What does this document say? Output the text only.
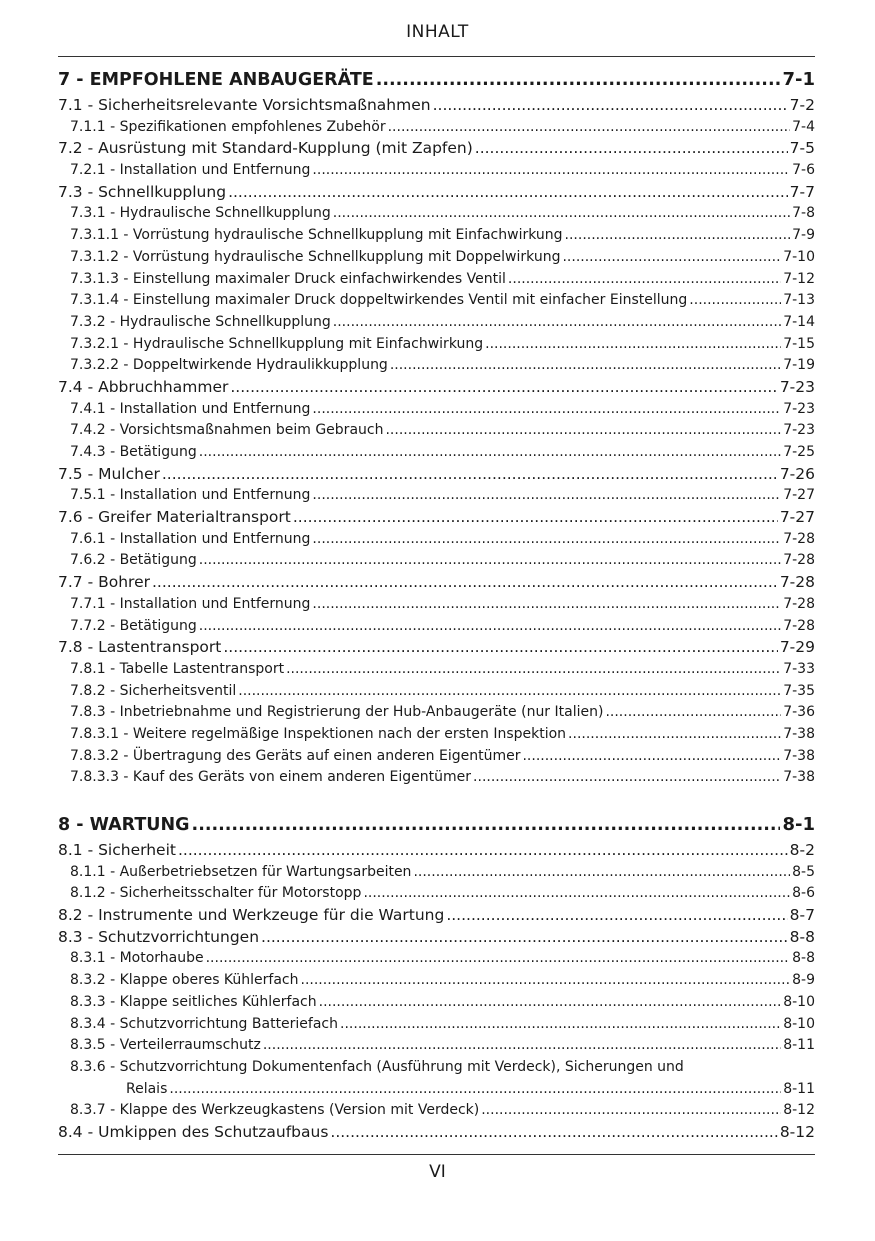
INHALT
7 - EMPFOHLENE ANBAUGERÄTE .....	7-1
7.1 - Sicherheitsrelevante Vorsichtsmaßnahmen .....	7-2
7.1.1 - Spezifikationen empfohlenes Zubehör .....	7-4
7.2 - Ausrüstung mit Standard-Kupplung (mit Zapfen) .....	7-5
7.2.1 - Installation und Entfernung .....	7-6
7.3 - Schnellkupplung .....	7-7
7.3.1 - Hydraulische Schnellkupplung .....	7-8
7.3.1.1 - Vorrüstung hydraulische Schnellkupplung mit Einfachwirkung .....	7-9
7.3.1.2 - Vorrüstung hydraulische Schnellkupplung mit Doppelwirkung .....	7-10
7.3.1.3 - Einstellung maximaler Druck einfachwirkendes Ventil .....	7-12
7.3.1.4 - Einstellung maximaler Druck doppeltwirkendes Ventil mit einfacher Einstellung .....	7-13
7.3.2 - Hydraulische Schnellkupplung .....	7-14
7.3.2.1 - Hydraulische Schnellkupplung mit Einfachwirkung .....	7-15
7.3.2.2 - Doppeltwirkende Hydraulikkupplung .....	7-19
7.4 - Abbruchhammer .....	7-23
7.4.1 - Installation und Entfernung .....	7-23
7.4.2 - Vorsichtsmaßnahmen beim Gebrauch .....	7-23
7.4.3 - Betätigung .....	7-25
7.5 - Mulcher .....	7-26
7.5.1 - Installation und Entfernung .....	7-27
7.6 - Greifer Materialtransport .....	7-27
7.6.1 - Installation und Entfernung .....	7-28
7.6.2 - Betätigung .....	7-28
7.7 - Bohrer .....	7-28
7.7.1 - Installation und Entfernung .....	7-28
7.7.2 - Betätigung .....	7-28
7.8 - Lastentransport .....	7-29
7.8.1 - Tabelle Lastentransport .....	7-33
7.8.2 - Sicherheitsventil .....	7-35
7.8.3 - Inbetriebnahme und Registrierung der Hub-Anbaugeräte (nur Italien) .....	7-36
7.8.3.1 - Weitere regelmäßige Inspektionen nach der ersten Inspektion .....	7-38
7.8.3.2 - Übertragung des Geräts auf einen anderen Eigentümer .....	7-38
7.8.3.3 - Kauf des Geräts von einem anderen Eigentümer .....	7-38
8 - WARTUNG .....	8-1
8.1 - Sicherheit .....	8-2
8.1.1 - Außerbetriebsetzen für Wartungsarbeiten .....	8-5
8.1.2 - Sicherheitsschalter für Motorstopp .....	8-6
8.2 - Instrumente und Werkzeuge für die Wartung .....	8-7
8.3 - Schutzvorrichtungen .....	8-8
8.3.1 - Motorhaube .....	8-8
8.3.2 - Klappe oberes Kühlerfach .....	8-9
8.3.3 - Klappe seitliches Kühlerfach .....	8-10
8.3.4 - Schutzvorrichtung Batteriefach .....	8-10
8.3.5 - Verteilerraumschutz .....	8-11
8.3.6 - Schutzvorrichtung Dokumentenfach (Ausführung mit Verdeck), Sicherungen und
Relais .....	8-11
8.3.7 - Klappe des Werkzeugkastens (Version mit Verdeck) .....	8-12
8.4 - Umkippen des Schutzaufbaus .....	8-12
VI
